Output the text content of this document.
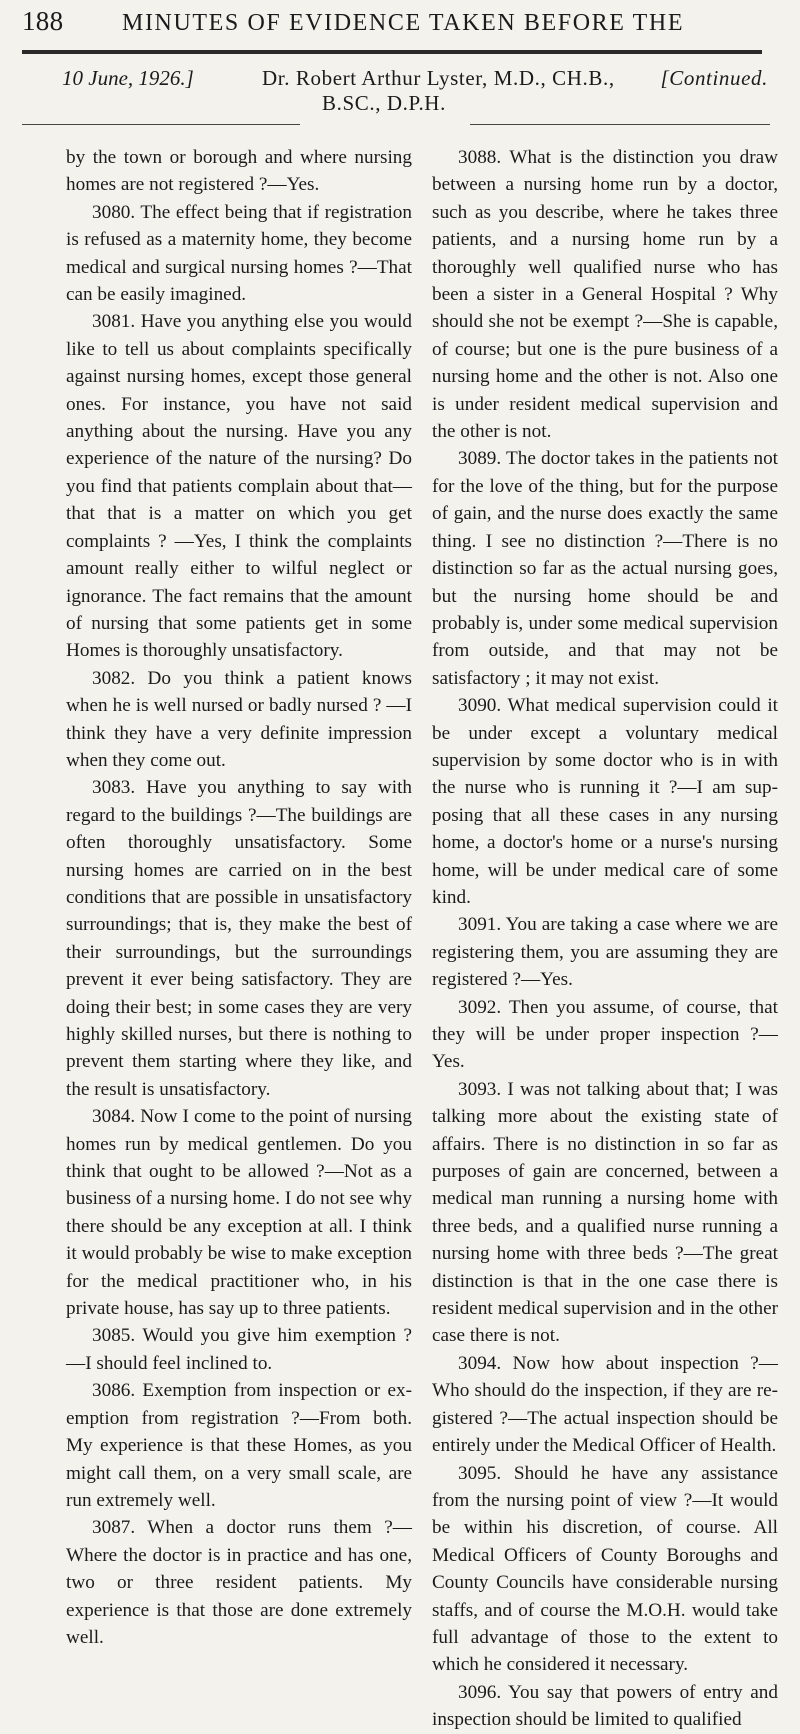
188 MINUTES OF EVIDENCE TAKEN BEFORE THE
10 June, 1926.]	Dr. Robert Arthur Lyster, M.D., CH.B., [Continued.
B.SC., D.P.H.

by the town or borough and where nursing homes are not registered ?—Yes.

3080. The effect being that if registration is refused as a maternity home, they become medical and surgical nursing homes ?—That can be easily imagined.

3081. Have you anything else you would like to tell us about complaints specifically against nursing homes, except those general ones. For instance, you have not said anything about the nursing. Have you any experience of the nature of the nursing? Do you find that patients complain about that—that that is a matter on which you get complaints ? —Yes, I think the complaints amount really either to wilful neglect or ignorance. The fact remains that the amount of nursing that some patients get in some Homes is thoroughly unsatisfactory.

3082. Do you think a patient knows when he is well nursed or badly nursed ? —I think they have a very definite impression when they come out.

3083. Have you anything to say with regard to the buildings ?—The buildings are often thoroughly unsatisfactory. Some nursing homes are carried on in the best conditions that are possible in unsatisfactory surroundings; that is, they make the best of their surroundings, but the surroundings prevent it ever being satisfactory. They are doing their best; in some cases they are very highly skilled nurses, but there is nothing to prevent them starting where they like, and the result is unsatisfactory.

3084. Now I come to the point of nursing homes run by medical gentlemen. Do you think that ought to be allowed ?—Not as a business of a nursing home. I do not see why there should be any exception at all. I think it would probably be wise to make exception for the medical practitioner who, in his private house, has say up to three patients.

3085. Would you give him exemption ? —I should feel inclined to.

3086. Exemption from inspection or exemption from registration ?—From both. My experience is that these Homes, as you might call them, on a very small scale, are run extremely well.

3087. When a doctor runs them ?— Where the doctor is in practice and has one, two or three resident patients. My experience is that those are done extremely well.

3088. What is the distinction you draw between a nursing home run by a doctor, such as you describe, where he takes three patients, and a nursing home run by a thoroughly well qualified nurse who has been a sister in a General Hospital ? Why should she not be exempt ?—She is capable, of course; but one is the pure business of a nursing home and the other is not. Also one is under resident medical supervision and the other is not.

3089. The doctor takes in the patients not for the love of the thing, but for the purpose of gain, and the nurse does exactly the same thing. I see no distinction ?—There is no distinction so far as the actual nursing goes, but the nursing home should be and probably is, under some medical supervision from outside, and that may not be satisfactory ; it may not exist.

3090. What medical supervision could it be under except a voluntary medical supervision by some doctor who is in with the nurse who is running it ?—I am supposing that all these cases in any nursing home, a doctor's home or a nurse's nursing home, will be under medical care of some kind.

3091. You are taking a case where we are registering them, you are assuming they are registered ?—Yes.

3092. Then you assume, of course, that they will be under proper inspection ?— Yes.

3093. I was not talking about that; I was talking more about the existing state of affairs. There is no distinction in so far as purposes of gain are concerned, between a medical man running a nursing home with three beds, and a qualified nurse running a nursing home with three beds ?—The great distinction is that in the one case there is resident medical supervision and in the other case there is not.

3094. Now how about inspection ?—Who should do the inspection, if they are registered ?—The actual inspection should be entirely under the Medical Officer of Health.

3095. Should he have any assistance from the nursing point of view ?—It would be within his discretion, of course. All Medical Officers of County Boroughs and County Councils have considerable nursing staffs, and of course the M.O.H. would take full advantage of those to the extent to which he considered it necessary.

3096. You say that powers of entry and inspection should be limited to qualified
